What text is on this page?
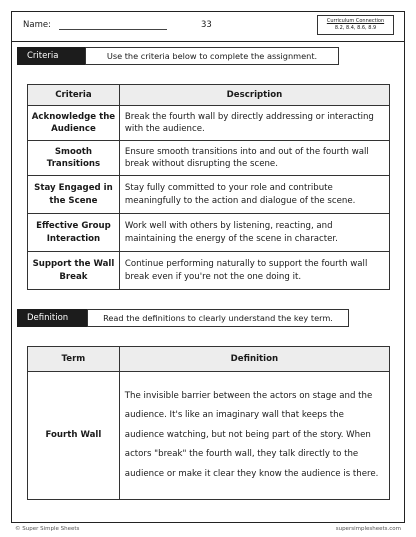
Name:	33	Curriculum Connection
8.2, 8.4, 8.6, 8.9
Criteria	Use the criteria below to complete the assignment.
Criteria	Description
Acknowledge the Audience	Break the fourth wall by directly addressing or interacting with the audience.
Smooth Transitions	Ensure smooth transitions into and out of the fourth wall break without disrupting the scene.
Stay Engaged in the Scene	Stay fully committed to your role and contribute meaningfully to the action and dialogue of the scene.
Effective Group Interaction	Work well with others by listening, reacting, and maintaining the energy of the scene in character.
Support the Wall Break	Continue performing naturally to support the fourth wall break even if you're not the one doing it.
Definition	Read the definitions to clearly understand the key term.
Term	Definition
Fourth Wall	The invisible barrier between the actors on stage and the audience. It's like an imaginary wall that keeps the audience watching, but not being part of the story. When actors "break" the fourth wall, they talk directly to the audience or make it clear they know the audience is there.
© Super Simple Sheets	supersimplesheets.com
